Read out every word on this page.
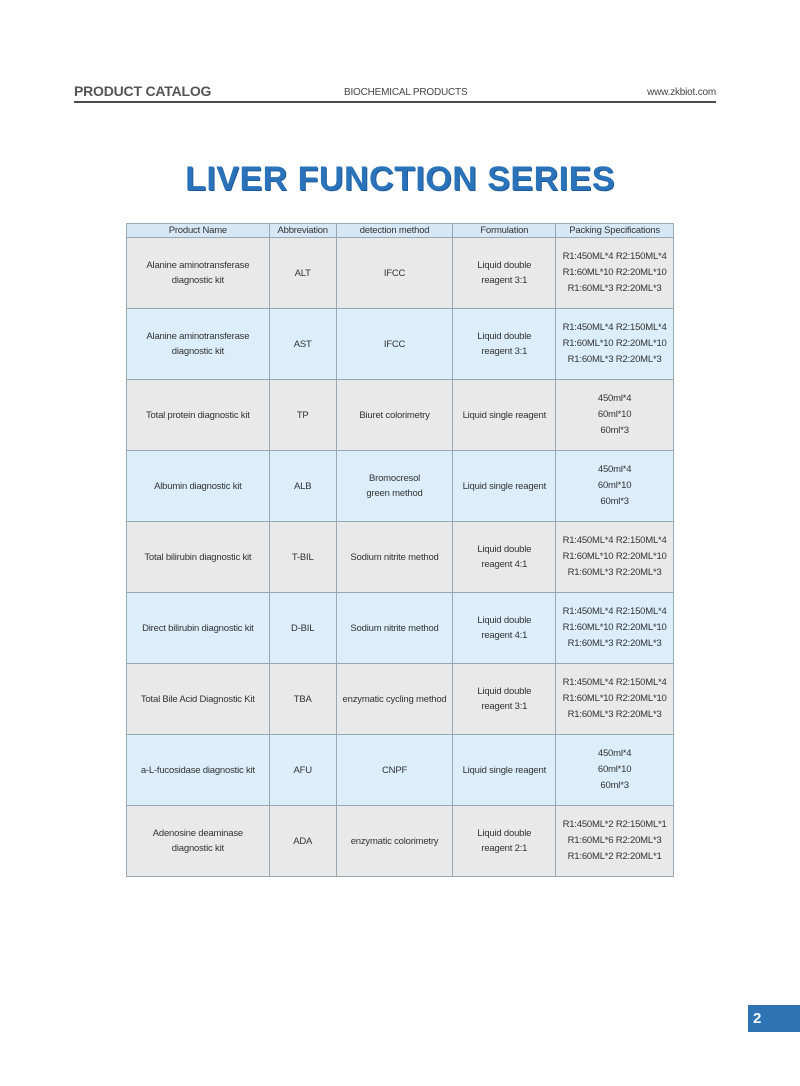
PRODUCT CATALOG	BIOCHEMICAL PRODUCTS	www.zkbiot.com
LIVER FUNCTION SERIES
Product Name	Abbreviation	detection method	Formulation	Packing Specifications

Alanine aminotransferase
diagnostic kit	ALT	IFCC	Liquid double
reagent 3:1	R1:450ML*4 R2:150ML*4
R1:60ML*10 R2:20ML*10
R1:60ML*3 R2:20ML*3

Alanine aminotransferase
diagnostic kit	AST	IFCC	Liquid double
reagent 3:1	R1:450ML*4 R2:150ML*4
R1:60ML*10 R2:20ML*10
R1:60ML*3 R2:20ML*3

Total protein diagnostic kit	TP	Biuret colorimetry	Liquid single reagent	450ml*4
60ml*10
60ml*3

Albumin diagnostic kit	ALB	Bromocresol
green method	Liquid single reagent	450ml*4
60ml*10
60ml*3

Total bilirubin diagnostic kit	T-BIL	Sodium nitrite method	Liquid double
reagent 4:1	R1:450ML*4 R2:150ML*4
R1:60ML*10 R2:20ML*10
R1:60ML*3 R2:20ML*3

Direct bilirubin diagnostic kit	D-BIL	Sodium nitrite method	Liquid double
reagent 4:1	R1:450ML*4 R2:150ML*4
R1:60ML*10 R2:20ML*10
R1:60ML*3 R2:20ML*3

Total Bile Acid Diagnostic Kit	TBA	enzymatic cycling method	Liquid double
reagent 3:1	R1:450ML*4 R2:150ML*4
R1:60ML*10 R2:20ML*10
R1:60ML*3 R2:20ML*3

a-L-fucosidase diagnostic kit	AFU	CNPF	Liquid single reagent	450ml*4
60ml*10
60ml*3

Adenosine deaminase
diagnostic kit	ADA	enzymatic colorimetry	Liquid double
reagent 2:1	R1:450ML*2 R2:150ML*1
R1:60ML*6 R2:20ML*3
R1:60ML*2 R2:20ML*1
2
